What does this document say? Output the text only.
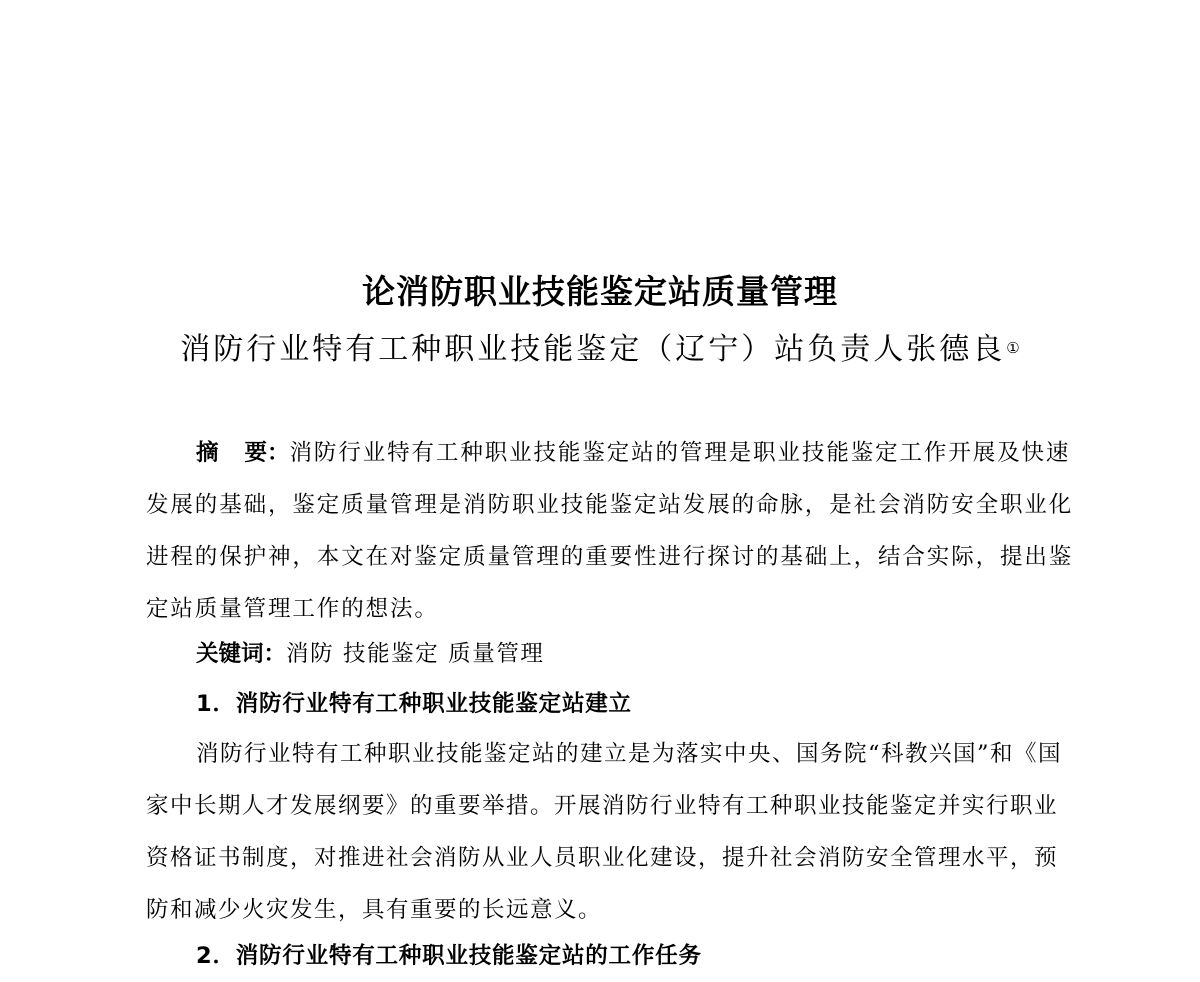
论消防职业技能鉴定站质量管理
消防行业特有工种职业技能鉴定（辽宁）站负责人张德良①
摘 要：消防行业特有工种职业技能鉴定站的管理是职业技能鉴定工作开展及快速发展的基础，鉴定质量管理是消防职业技能鉴定站发展的命脉，是社会消防安全职业化进程的保护神，本文在对鉴定质量管理的重要性进行探讨的基础上，结合实际，提出鉴定站质量管理工作的想法。
关键词：消防 技能鉴定 质量管理
1．消防行业特有工种职业技能鉴定站建立
消防行业特有工种职业技能鉴定站的建立是为落实中央、国务院“科教兴国”和《国家中长期人才发展纲要》的重要举措。开展消防行业特有工种职业技能鉴定并实行职业资格证书制度，对推进社会消防从业人员职业化建设，提升社会消防安全管理水平，预防和减少火灾发生，具有重要的长远意义。
2．消防行业特有工种职业技能鉴定站的工作任务
